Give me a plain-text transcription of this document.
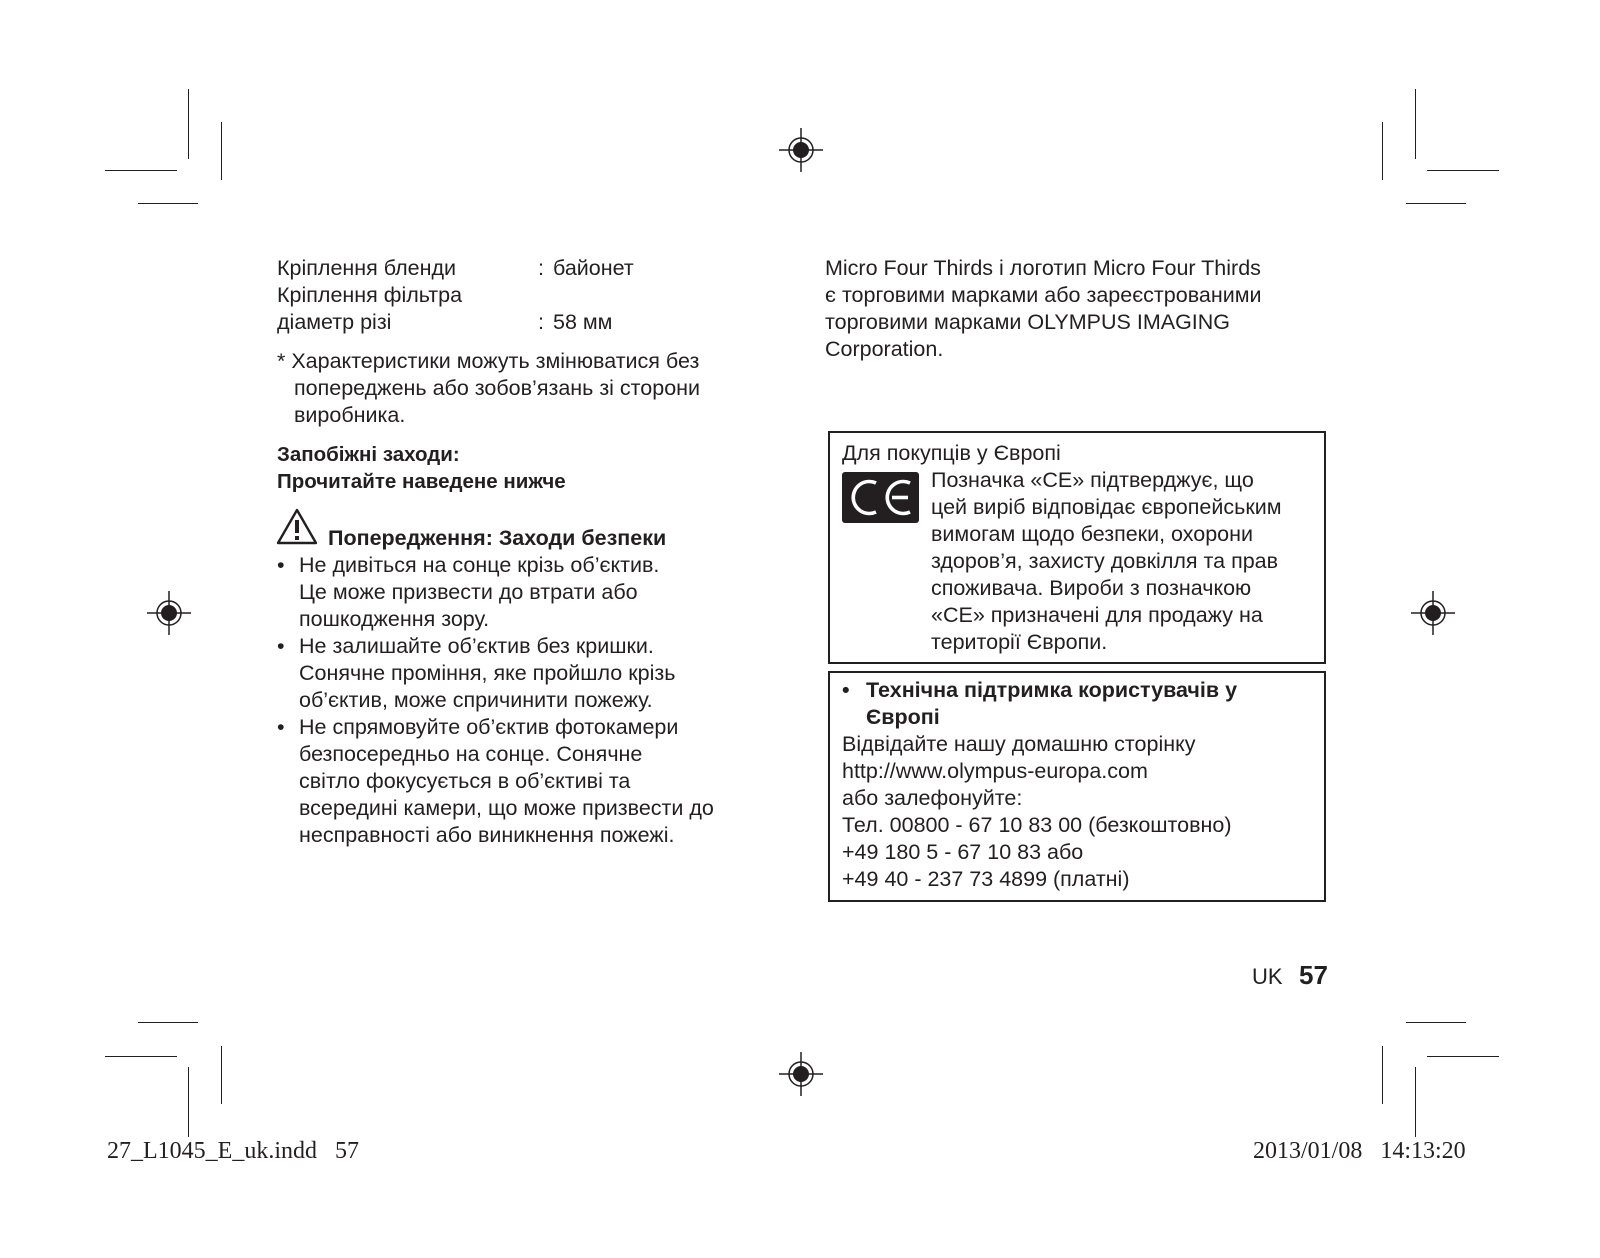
Кріплення бленди	: байонет
Кріплення фільтра
діаметр різі	: 58 мм
* Характеристики можуть змінюватися без
попереджень або зобов’язань зі сторони
виробника.
Запобіжні заходи:
Прочитайте наведене нижче
Попередження: Заходи безпеки
• Не дивіться на сонце крізь об’єктив.
Це може призвести до втрати або
пошкодження зору.
• Не залишайте об’єктив без кришки.
Сонячне проміння, яке пройшло крізь
об’єктив, може спричинити пожежу.
• Не спрямовуйте об’єктив фотокамери
безпосередньо на сонце. Сонячне
світло фокусується в об’єктиві та
всередині камери, що може призвести до
несправності або виникнення пожежі.
Micro Four Thirds і логотип Micro Four Thirds
є торговими марками або зареєстрованими
торговими марками OLYMPUS IMAGING
Corporation.
Для покупців у Європі
Позначка «CE» підтверджує, що
цей виріб відповідає європейським
вимогам щодо безпеки, охорони
здоров’я, захисту довкілля та прав
споживача. Вироби з позначкою
«CE» призначені для продажу на
території Європи.
• Технічна підтримка користувачів у
Європі
Відвідайте нашу домашню сторінку
http://www.olympus-europa.com
або залефонуйте:
Тел. 00800 - 67 10 83 00 (безкоштовно)
+49 180 5 - 67 10 83 або
+49 40 - 237 73 4899 (платні)
UK 57
27_L1045_E_uk.indd   57	2013/01/08   14:13:20
